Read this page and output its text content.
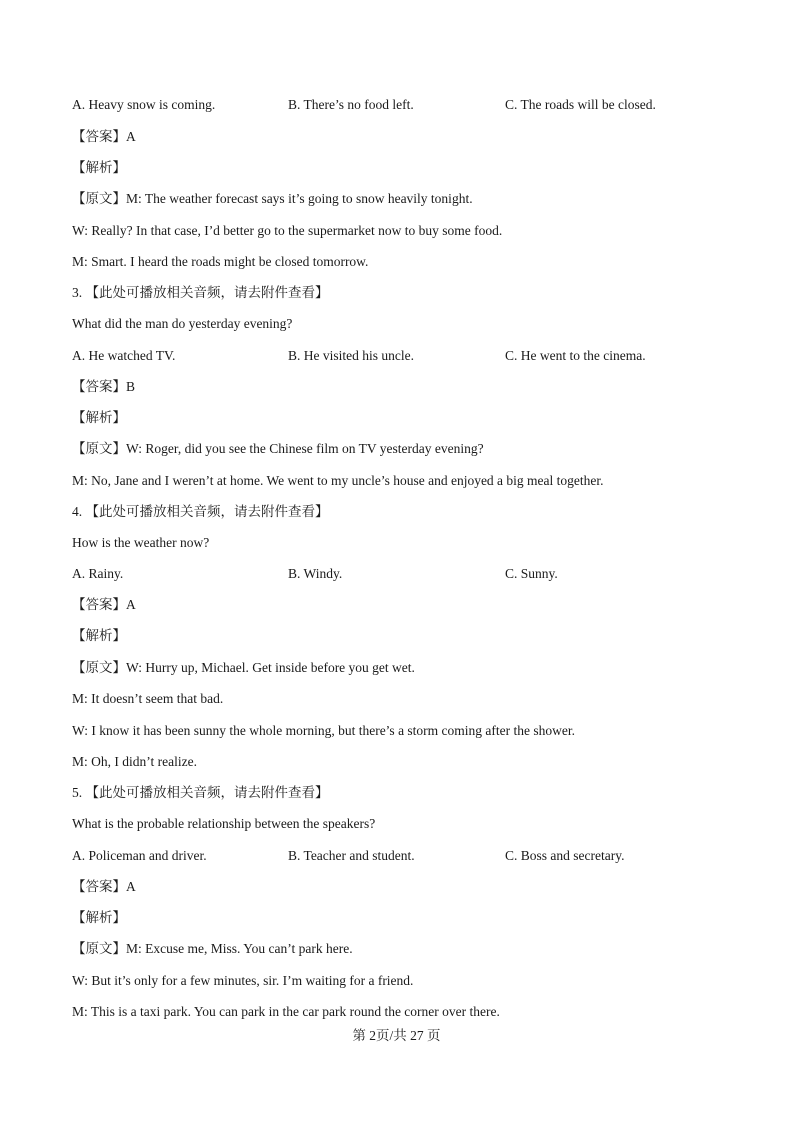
A. Heavy snow is coming.	B. There’s no food left.	C. The roads will be closed.
【答案】A
【解析】
【原文】M: The weather forecast says it’s going to snow heavily tonight.
W: Really? In that case, I’d better go to the supermarket now to buy some food.
M: Smart. I heard the roads might be closed tomorrow.
3. 【此处可播放相关音频，请去附件查看】
What did the man do yesterday evening?
A. He watched TV.	B. He visited his uncle.	C. He went to the cinema.
【答案】B
【解析】
【原文】W: Roger, did you see the Chinese film on TV yesterday evening?
M: No, Jane and I weren’t at home. We went to my uncle’s house and enjoyed a big meal together.
4. 【此处可播放相关音频，请去附件查看】
How is the weather now?
A. Rainy.	B. Windy.	C. Sunny.
【答案】A
【解析】
【原文】W: Hurry up, Michael. Get inside before you get wet.
M: It doesn’t seem that bad.
W: I know it has been sunny the whole morning, but there’s a storm coming after the shower.
M: Oh, I didn’t realize.
5. 【此处可播放相关音频，请去附件查看】
What is the probable relationship between the speakers?
A. Policeman and driver.	B. Teacher and student.	C. Boss and secretary.
【答案】A
【解析】
【原文】M: Excuse me, Miss. You can’t park here.
W: But it’s only for a few minutes, sir. I’m waiting for a friend.
M: This is a taxi park. You can park in the car park round the corner over there.
第 2页/共 27 页
